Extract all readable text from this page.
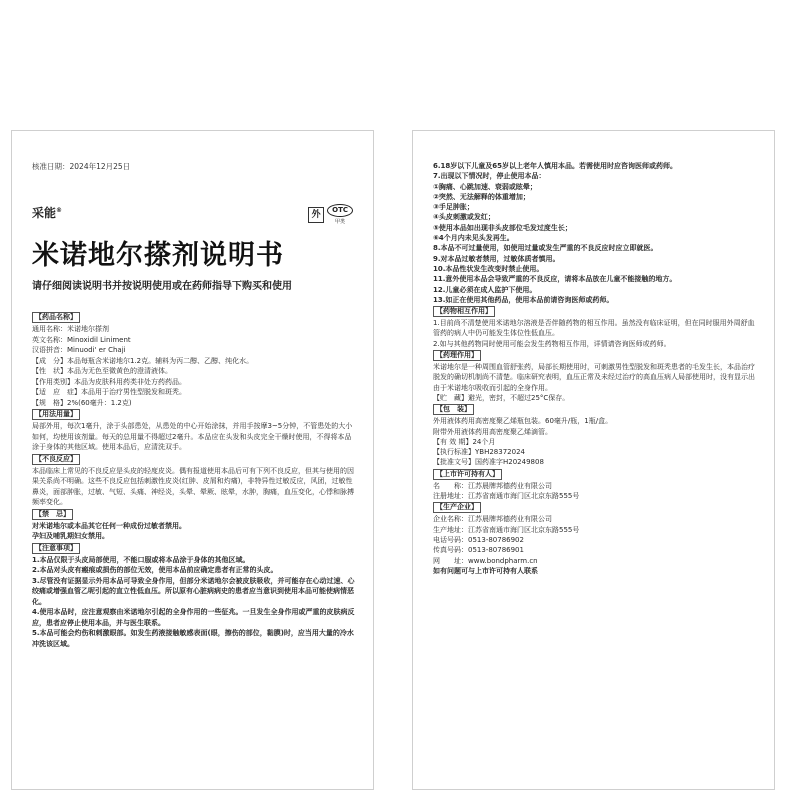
核准日期：2024年12月25日
采能®	外	OTC
甲类
米诺地尔搽剂说明书
请仔细阅读说明书并按说明使用或在药师指导下购买和使用
【药品名称】
通用名称：米诺地尔搽剂
英文名称：Minoxidil Liniment
汉语拼音：Minuodi' er Chaji
【成　分】本品每瓶含米诺地尔1.2克。辅料为丙二醇、乙醇、纯化水。
【性　状】本品为无色至微黄色的澄清液体。
【作用类别】本品为皮肤科用药类非处方药药品。
【适　应　症】本品用于治疗男性型脱发和斑秃。
【规　格】2%(60毫升：1.2克)
【用法用量】
局部外用，每次1毫升，涂于头部患处，从患处的中心开始涂抹，并用手按摩3~5分钟，不管患处的大小如何，均使用该剂量。每天的总用量不得超过2毫升。本品应在头发和头皮完全干燥时使用，不得将本品涂于身体的其他区域。使用本品后，应清洗双手。
【不良反应】
本品临床上常见的不良反应是头皮的轻度皮炎。偶有报道使用本品后可有下列不良反应，但其与使用的因果关系尚不明确。这些不良反应包括刺激性皮炎(红肿、皮屑和灼痛)，非特异性过敏反应，风团，过敏性鼻炎，面部肿胀，过敏、气短、头痛、神经炎，头晕、晕厥、眩晕，水肿，胸痛，血压变化，心悸和脉搏频率变化。
【禁　忌】
对米诺地尔或本品其它任何一种成份过敏者禁用。
孕妇及哺乳期妇女禁用。
【注意事项】
1.本品仅限于头皮局部使用，不能口服或将本品涂于身体的其他区域。
2.本品对头皮有瘢痕或损伤的部位无效，使用本品前应确定患者有正常的头皮。
3.尽管没有证据显示外用本品可导致全身作用，但部分米诺地尔会被皮肤吸收，并可能存在心动过速、心绞痛或增强血管乙呢引起的直立性低血压。所以原有心脏病病史的患者应当意识到使用本品可能使病情恶化。
4.使用本品时，应注意观察由米诺地尔引起的全身作用的一些征兆。一旦发生全身作用或严重的皮肤病反应，患者应停止使用本品，并与医生联系。
5.本品可能会灼伤和刺激眼部。如发生药液接触敏感表面(眼，擦伤的部位，黏膜)时，应当用大量的冷水冲洗该区域。
6.18岁以下儿童及65岁以上老年人慎用本品。若需使用时应咨询医师或药师。
7.出现以下情况时，停止使用本品：
①胸痛、心跳加速、衰弱或眩晕；
②突然、无法解释的体重增加；
③手足肿胀；
④头皮刺激或发红；
⑤使用本品如出现非头皮部位毛发过度生长；
⑥4个月内未见头发再生。
8.本品不可过量使用，如使用过量或发生严重的不良反应时应立即就医。
9.对本品过敏者禁用，过敏体质者慎用。
10.本品性状发生改变时禁止使用。
11.意外使用本品会导致严重的不良反应，请将本品放在儿童不能接触的地方。
12.儿童必须在成人监护下使用。
13.如正在使用其他药品，使用本品前请咨询医师或药师。
【药物相互作用】
1.目前尚不清楚使用米诺地尔溶液是否伴随药物的相互作用。虽然没有临床证明，但在同时服用外周舒血管药的病人中仍可能发生体位性低血压。
2.如与其他药物同时使用可能会发生药物相互作用，详情请咨询医师或药师。
【药理作用】
米诺地尔是一种周围血管舒张药，局部长期使用时，可刺激男性型脱发和斑秃患者的毛发生长，本品治疗脱发的确切机制尚不清楚。临床研究表明，血压正常及未经过治疗的高血压病人局部使用时，没有显示出由于米诺地尔吸收而引起的全身作用。
【贮　藏】避光，密封，不超过25°C保存。
【包　装】
外用液体药用高密度聚乙烯瓶包装。60毫升/瓶，1瓶/盒。
附带外用液体药用高密度聚乙烯滴管。
【有 效 期】24个月
【执行标准】YBH28372024
【批准文号】国药准字H20249808
【上市许可持有人】
名　　称：江苏晨牌邦德药业有限公司
注册地址：江苏省南通市海门区北京东路555号
【生产企业】
企业名称：江苏晨牌邦德药业有限公司
生产地址：江苏省南通市海门区北京东路555号
电话号码：0513-80786902
传真号码：0513-80786901
网　　址：www.bondpharm.cn
如有问题可与上市许可持有人联系
